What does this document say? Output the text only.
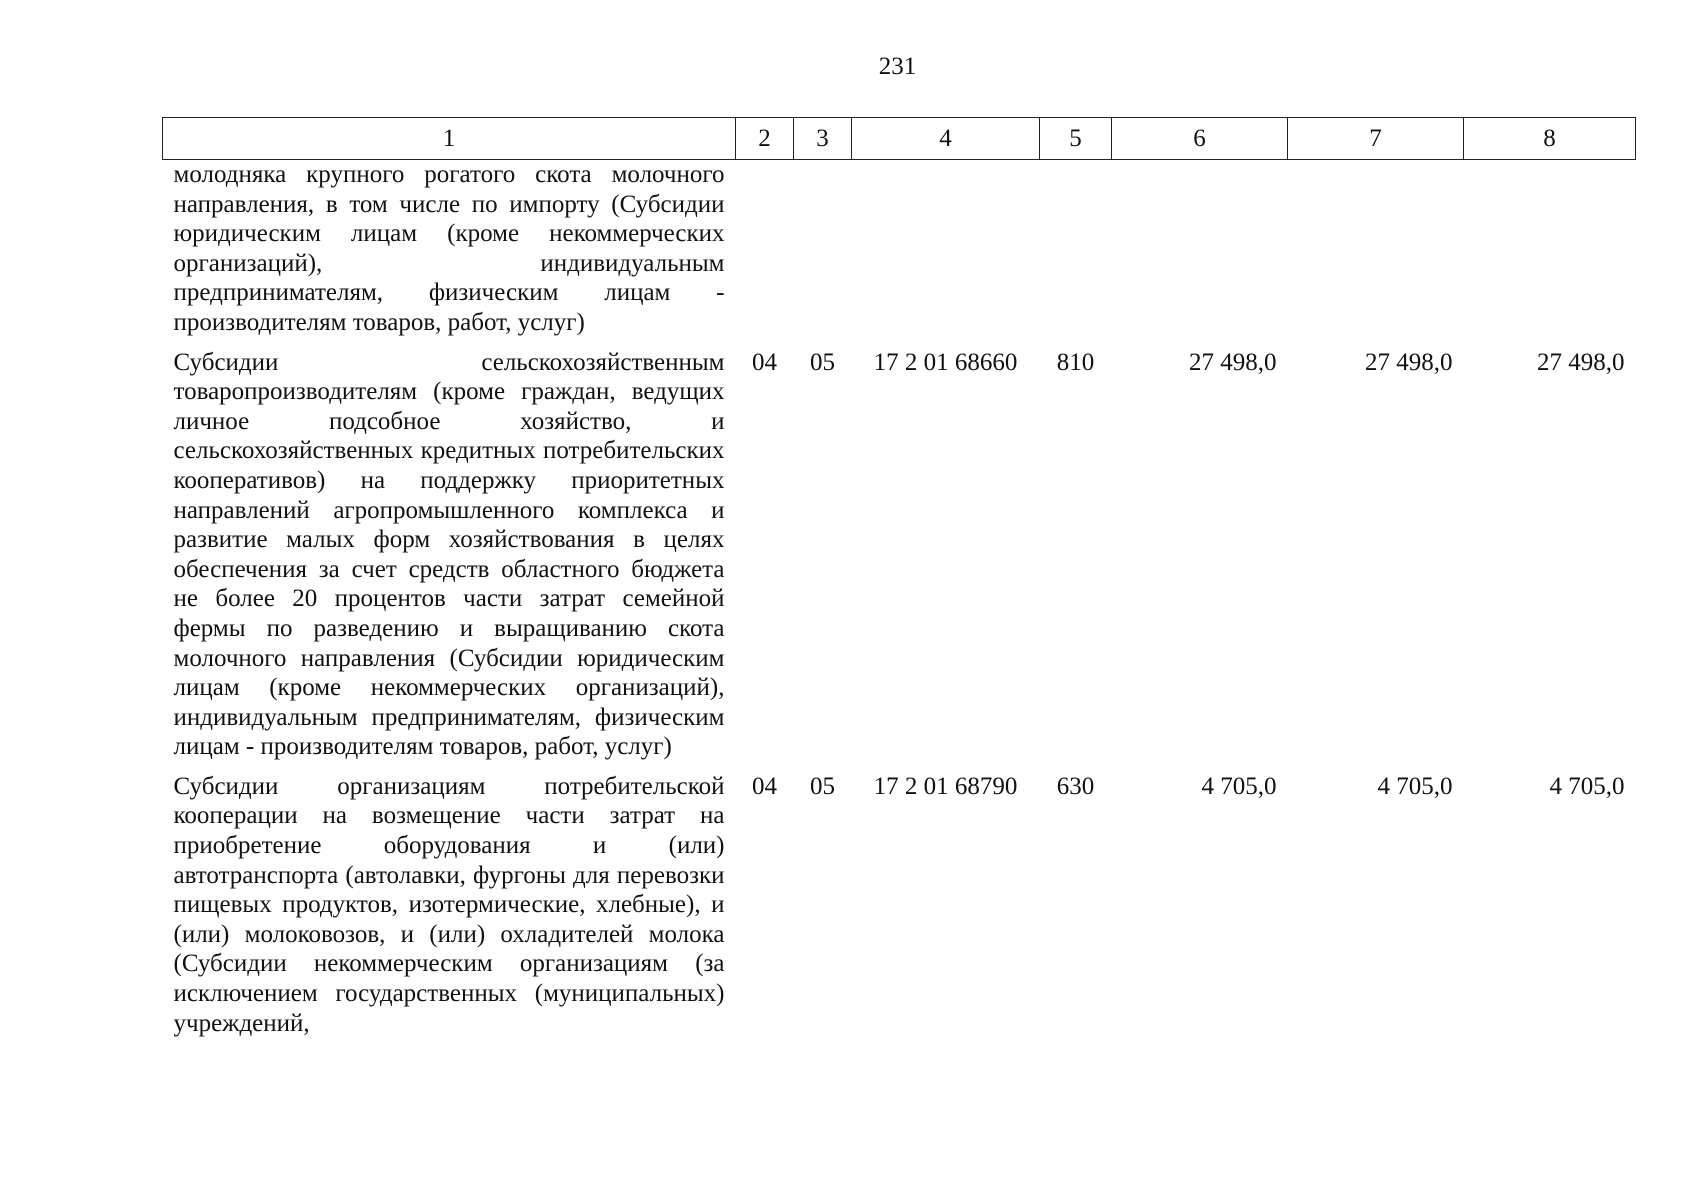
231
1	2	3	4	5	6	7	8
молодняка крупного рогатого скота молочного направления, в том числе по импорту (Субсидии юридическим лицам (кроме некоммерческих организаций), индивидуальным предпринимателям, физическим лицам - производителям товаров, работ, услуг)							
Субсидии сельскохозяйственным товаропроизводителям (кроме граждан, ведущих личное подсобное хозяйство, и сельскохозяйственных кредитных потребительских кооперативов) на поддержку приоритетных направлений агропромышленного комплекса и развитие малых форм хозяйствования в целях обеспечения за счет средств областного бюджета не более 20 процентов части затрат семейной фермы по разведению и выращиванию скота молочного направления (Субсидии юридическим лицам (кроме некоммерческих организаций), индивидуальным предпринимателям, физическим лицам - производителям товаров, работ, услуг)	04	05	17 2 01 68660	810	27 498,0	27 498,0	27 498,0
Субсидии организациям потребительской кооперации на возмещение части затрат на приобретение оборудования и (или) автотранспорта (автолавки, фургоны для перевозки пищевых продуктов, изотермические, хлебные), и (или) молоковозов, и (или) охладителей молока (Субсидии некоммерческим организациям (за исключением государственных (муниципальных) учреждений,	04	05	17 2 01 68790	630	4 705,0	4 705,0	4 705,0
